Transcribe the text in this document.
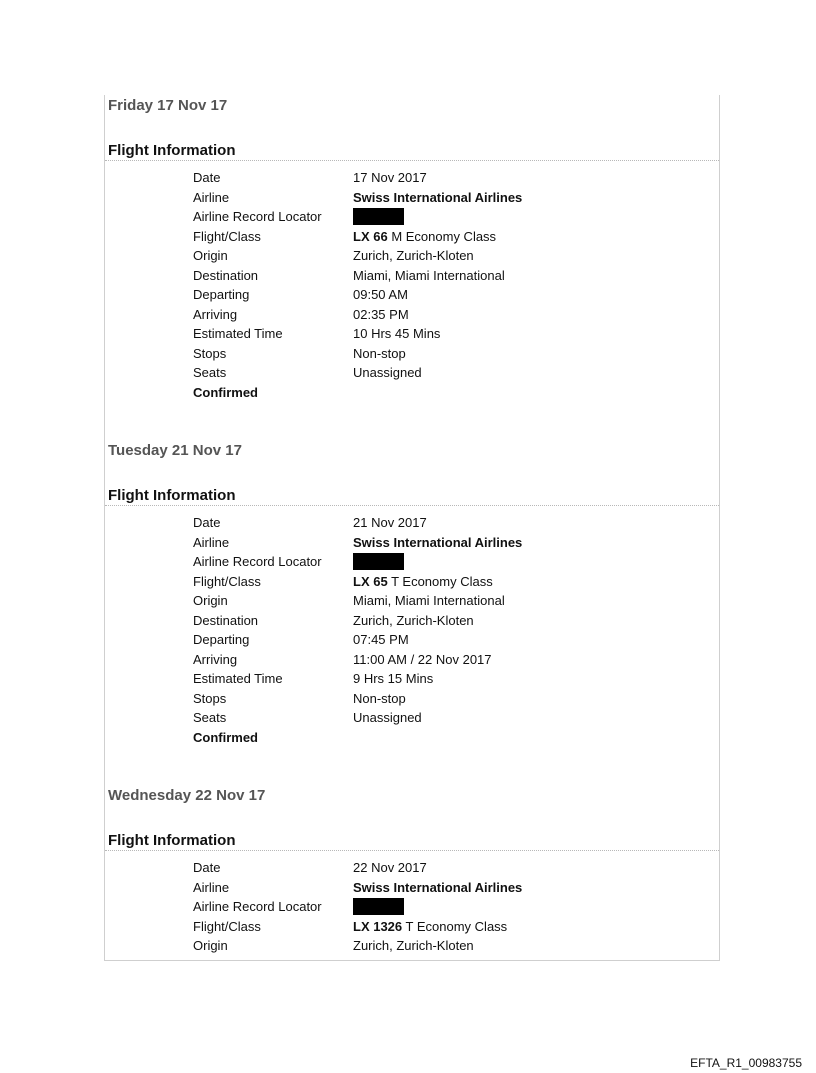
Friday 17 Nov 17
Flight Information
Date	17 Nov 2017
Airline	Swiss International Airlines
Airline Record Locator
Flight/Class	LX 66 M Economy Class
Origin	Zurich, Zurich-Kloten
Destination	Miami, Miami International
Departing	09:50 AM
Arriving	02:35 PM
Estimated Time	10 Hrs 45 Mins
Stops	Non-stop
Seats	Unassigned
Confirmed
Tuesday 21 Nov 17
Flight Information
Date	21 Nov 2017
Airline	Swiss International Airlines
Airline Record Locator
Flight/Class	LX 65 T Economy Class
Origin	Miami, Miami International
Destination	Zurich, Zurich-Kloten
Departing	07:45 PM
Arriving	11:00 AM / 22 Nov 2017
Estimated Time	9 Hrs 15 Mins
Stops	Non-stop
Seats	Unassigned
Confirmed
Wednesday 22 Nov 17
Flight Information
Date	22 Nov 2017
Airline	Swiss International Airlines
Airline Record Locator
Flight/Class	LX 1326 T Economy Class
Origin	Zurich, Zurich-Kloten
EFTA_R1_00983755
